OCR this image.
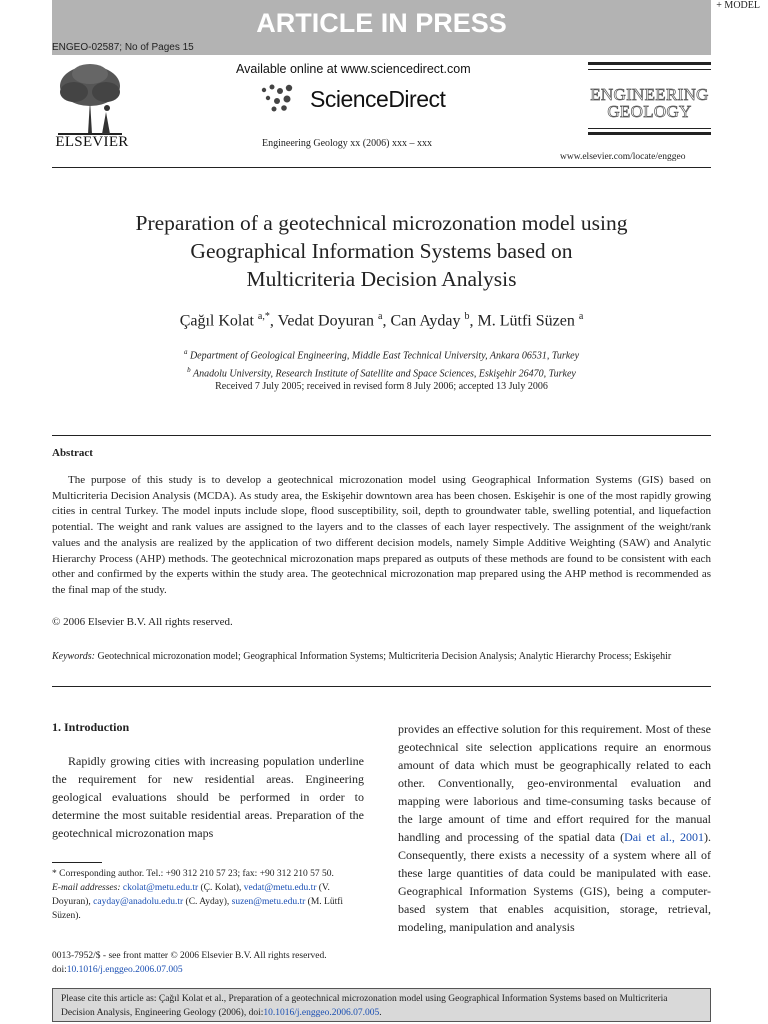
ARTICLE IN PRESS
+ MODEL
ENGEO-02587; No of Pages 15
ELSEVIER
Available online at www.sciencedirect.com
ScienceDirect
Engineering Geology xx (2006) xxx – xxx
ENGINEERING
GEOLOGY
www.elsevier.com/locate/enggeo
Preparation of a geotechnical microzonation model using
Geographical Information Systems based on
Multicriteria Decision Analysis
Çağıl Kolat $^{a,*}$, Vedat Doyuran $^a$, Can Ayday $^b$, M. Lütfi Süzen $^a$
$^a$ Department of Geological Engineering, Middle East Technical University, Ankara 06531, Turkey
$^b$ Anadolu University, Research Institute of Satellite and Space Sciences, Eskişehir 26470, Turkey
Received 7 July 2005; received in revised form 8 July 2006; accepted 13 July 2006
Abstract

The purpose of this study is to develop a geotechnical microzonation model using Geographical Information Systems (GIS) based on Multicriteria Decision Analysis (MCDA). As study area, the Eskişehir downtown area has been chosen. Eskişehir is one of the most rapidly growing cities in central Turkey. The model inputs include slope, flood susceptibility, soil, depth to groundwater table, swelling potential, and liquefaction potential. The weight and rank values are assigned to the layers and to the classes of each layer respectively. The assignment of the weight/rank values and the analysis are realized by the application of two different decision models, namely Simple Additive Weighting (SAW) and Analytic Hierarchy Process (AHP) methods. The geotechnical microzonation maps prepared as outputs of these methods are found to be consistent with each other and confirmed by the experts within the study area. The geotechnical microzonation map prepared using the AHP method is recommended as the final map of the study.

© 2006 Elsevier B.V. All rights reserved.
Keywords: Geotechnical microzonation model; Geographical Information Systems; Multicriteria Decision Analysis; Analytic Hierarchy Process; Eskişehir
1. Introduction

Rapidly growing cities with increasing population underline the requirement for new residential areas. Engineering geological evaluations should be performed in order to determine the most suitable residential areas. Preparation of the geotechnical microzonation maps

provides an effective solution for this requirement. Most of these geotechnical site selection applications require an enormous amount of data which must be geographically related to each other. Conventionally, geo-environmental evaluation and mapping were laborious and time-consuming tasks because of the large amount of time and effort required for the manual handling and processing of the spatial data (Dai et al., 2001). Consequently, there exists a necessity of a system where all of these large quantities of data could be manipulated with ease. Geographical Information Systems (GIS), being a computer-based system that enables acquisition, storage, retrieval, modeling, manipulation and analysis

* Corresponding author. Tel.: +90 312 210 57 23; fax: +90 312 210 57 50.

E-mail addresses: ckolat@metu.edu.tr (Ç. Kolat), vedat@metu.edu.tr (V. Doyuran), cayday@anadolu.edu.tr (C. Ayday), suzen@metu.edu.tr (M. Lütfi Süzen).

0013-7952/$ - see front matter © 2006 Elsevier B.V. All rights reserved.
doi:10.1016/j.enggeo.2006.07.005
Please cite this article as: Çağıl Kolat et al., Preparation of a geotechnical microzonation model using Geographical Information Systems based on Multicriteria Decision Analysis, Engineering Geology (2006), doi:10.1016/j.enggeo.2006.07.005.
